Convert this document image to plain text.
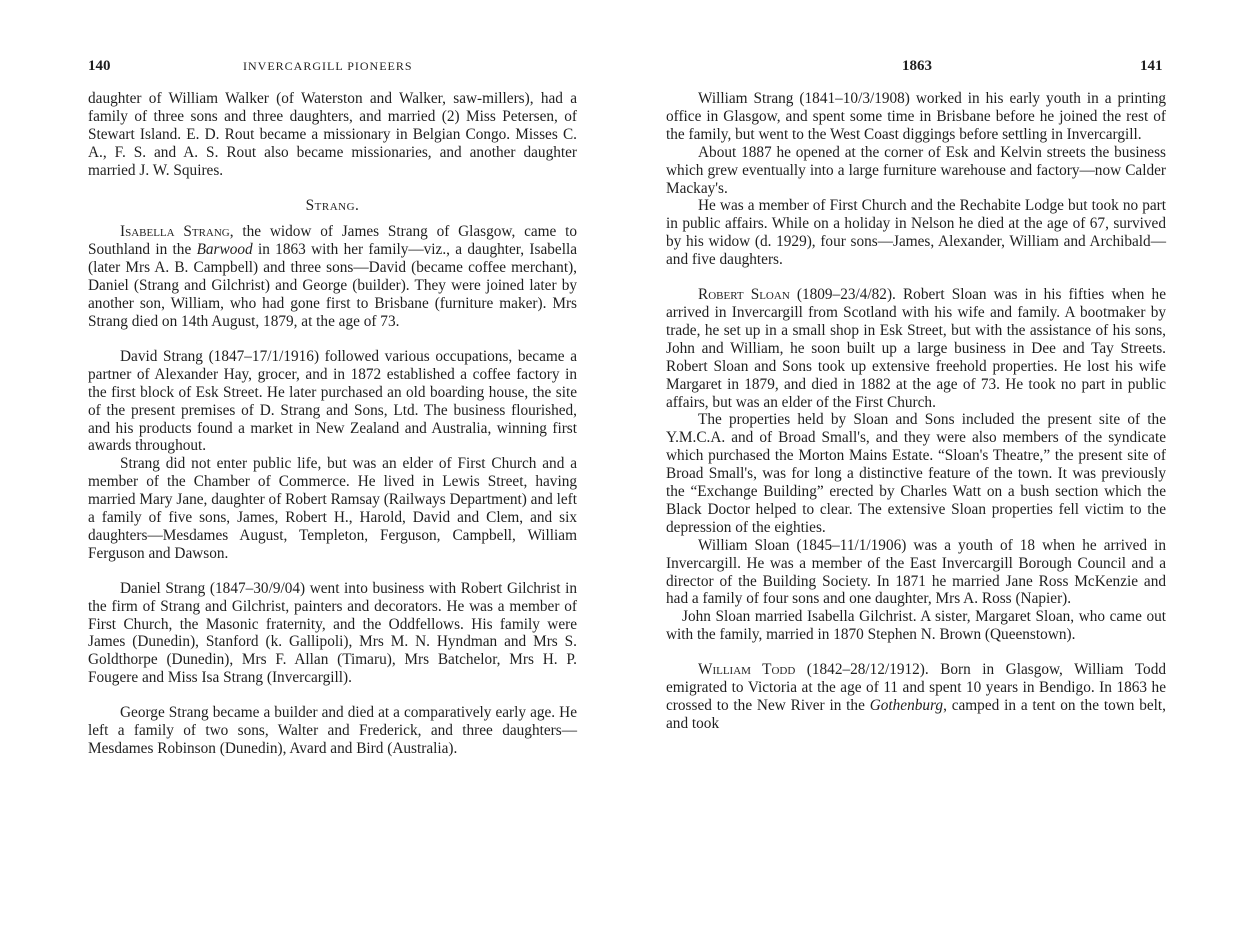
140	INVERCARGILL PIONEERS

daughter of William Walker (of Waterston and Walker, saw-millers), had a family of three sons and three daughters, and married (2) Miss Petersen, of Stewart Island. E. D. Rout became a missionary in Belgian Congo. Misses C. A., F. S. and A. S. Rout also became missionaries, and another daughter married J. W. Squires.

Strang.

Isabella Strang, the widow of James Strang of Glasgow, came to Southland in the Barwood in 1863 with her family—viz., a daughter, Isabella (later Mrs A. B. Campbell) and three sons—David (became coffee merchant), Daniel (Strang and Gilchrist) and George (builder). They were joined later by another son, William, who had gone first to Brisbane (furniture maker). Mrs Strang died on 14th August, 1879, at the age of 73.

David Strang (1847–17/1/1916) followed various occupations, became a partner of Alexander Hay, grocer, and in 1872 established a coffee factory in the first block of Esk Street. He later purchased an old boarding house, the site of the present premises of D. Strang and Sons, Ltd. The business flourished, and his products found a market in New Zealand and Australia, winning first awards throughout.

Strang did not enter public life, but was an elder of First Church and a member of the Chamber of Commerce. He lived in Lewis Street, having married Mary Jane, daughter of Robert Ramsay (Railways Department) and left a family of five sons, James, Robert H., Harold, David and Clem, and six daughters—Mesdames August, Templeton, Ferguson, Campbell, William Ferguson and Dawson.

Daniel Strang (1847–30/9/04) went into business with Robert Gilchrist in the firm of Strang and Gilchrist, painters and decorators. He was a member of First Church, the Masonic fraternity, and the Oddfellows. His family were James (Dunedin), Stanford (k. Gallipoli), Mrs M. N. Hyndman and Mrs S. Goldthorpe (Dunedin), Mrs F. Allan (Timaru), Mrs Batchelor, Mrs H. P. Fougere and Miss Isa Strang (Invercargill).

George Strang became a builder and died at a comparatively early age. He left a family of two sons, Walter and Frederick, and three daughters—Mesdames Robinson (Dunedin), Avard and Bird (Australia).

1863	141

William Strang (1841–10/3/1908) worked in his early youth in a printing office in Glasgow, and spent some time in Brisbane before he joined the rest of the family, but went to the West Coast diggings before settling in Invercargill.

About 1887 he opened at the corner of Esk and Kelvin streets the business which grew eventually into a large furniture warehouse and factory—now Calder Mackay's.

He was a member of First Church and the Rechabite Lodge but took no part in public affairs. While on a holiday in Nelson he died at the age of 67, survived by his widow (d. 1929), four sons—James, Alexander, William and Archibald—and five daughters.

Robert Sloan (1809–23/4/82). Robert Sloan was in his fifties when he arrived in Invercargill from Scotland with his wife and family. A bootmaker by trade, he set up in a small shop in Esk Street, but with the assistance of his sons, John and William, he soon built up a large business in Dee and Tay Streets. Robert Sloan and Sons took up extensive freehold properties. He lost his wife Margaret in 1879, and died in 1882 at the age of 73. He took no part in public affairs, but was an elder of the First Church.

The properties held by Sloan and Sons included the present site of the Y.M.C.A. and of Broad Small's, and they were also members of the syndicate which purchased the Morton Mains Estate. “Sloan's Theatre,” the present site of Broad Small's, was for long a distinctive feature of the town. It was previously the “Exchange Building” erected by Charles Watt on a bush section which the Black Doctor helped to clear. The extensive Sloan properties fell victim to the depression of the eighties.

William Sloan (1845–11/1/1906) was a youth of 18 when he arrived in Invercargill. He was a member of the East Invercargill Borough Council and a director of the Building Society. In 1871 he married Jane Ross McKenzie and had a family of four sons and one daughter, Mrs A. Ross (Napier).

John Sloan married Isabella Gilchrist. A sister, Margaret Sloan, who came out with the family, married in 1870 Stephen N. Brown (Queenstown).

William Todd (1842–28/12/1912). Born in Glasgow, William Todd emigrated to Victoria at the age of 11 and spent 10 years in Bendigo. In 1863 he crossed to the New River in the Gothenburg, camped in a tent on the town belt, and took
